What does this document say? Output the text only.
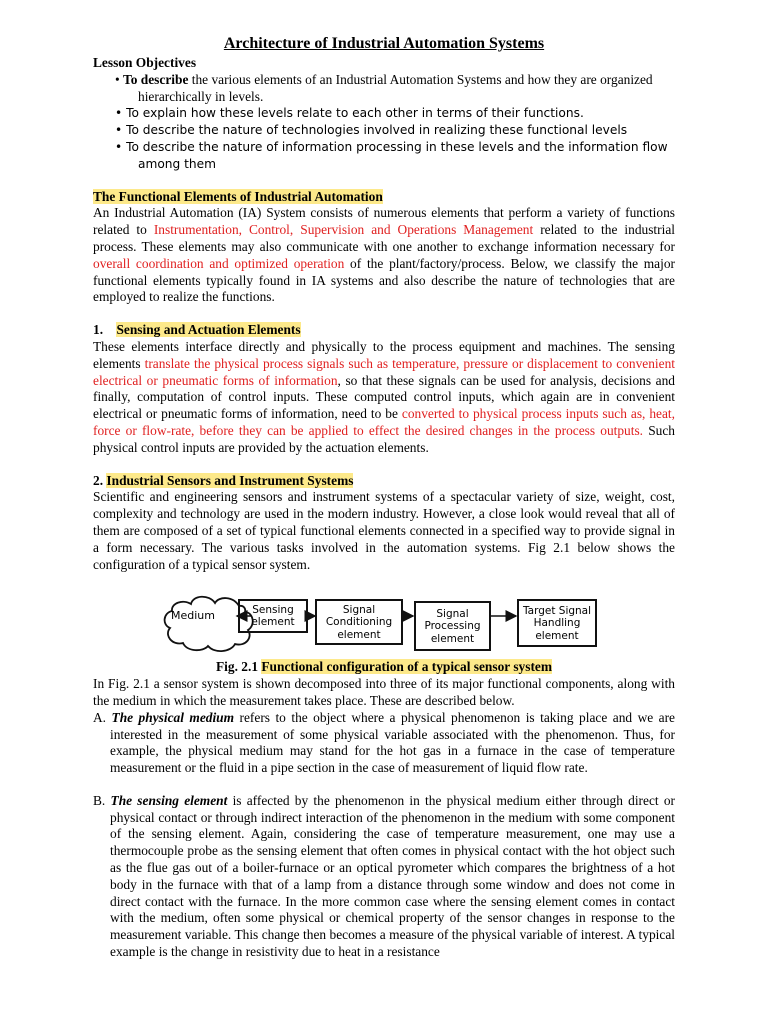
Architecture of Industrial Automation Systems
Lesson Objectives
• To describe the various elements of an Industrial Automation Systems and how they are organized hierarchically in levels.
• To explain how these levels relate to each other in terms of their functions.
• To describe the nature of technologies involved in realizing these functional levels
• To describe the nature of information processing in these levels and the information flow among them
The Functional Elements of Industrial Automation

An Industrial Automation (IA) System consists of numerous elements that perform a variety of functions related to Instrumentation, Control, Supervision and Operations Management related to the industrial process. These elements may also communicate with one another to exchange information necessary for overall coordination and optimized operation of the plant/factory/process. Below, we classify the major functional elements typically found in IA systems and also describe the nature of technologies that are employed to realize the functions.

1. Sensing and Actuation Elements

These elements interface directly and physically to the process equipment and machines. The sensing elements translate the physical process signals such as temperature, pressure or displacement to convenient electrical or pneumatic forms of information, so that these signals can be used for analysis, decisions and finally, computation of control inputs. These computed control inputs, which again are in convenient electrical or pneumatic forms of information, need to be converted to physical process inputs such as, heat, force or flow-rate, before they can be applied to effect the desired changes in the process outputs. Such physical control inputs are provided by the actuation elements.

2. Industrial Sensors and Instrument Systems

Scientific and engineering sensors and instrument systems of a spectacular variety of size, weight, cost, complexity and technology are used in the modern industry. However, a close look would reveal that all of them are composed of a set of typical functional elements connected in a specified way to provide signal in a form necessary. The various tasks involved in the automation systems. Fig 2.1 below shows the configuration of a typical sensor system.

Medium	Sensing
element
Signal
Conditioning
element
Signal
Processing
element
Target Signal
Handling
element
Fig. 2.1 Functional configuration of a typical sensor system

In Fig. 2.1 a sensor system is shown decomposed into three of its major functional components, along with the medium in which the measurement takes place. These are described below.

A. The physical medium refers to the object where a physical phenomenon is taking place and we are interested in the measurement of some physical variable associated with the phenomenon. Thus, for example, the physical medium may stand for the hot gas in a furnace in the case of temperature measurement or the fluid in a pipe section in the case of measurement of liquid flow rate.

B. The sensing element is affected by the phenomenon in the physical medium either through direct or physical contact or through indirect interaction of the phenomenon in the medium with some component of the sensing element. Again, considering the case of temperature measurement, one may use a thermocouple probe as the sensing element that often comes in physical contact with the hot object such as the flue gas out of a boiler-furnace or an optical pyrometer which compares the brightness of a hot body in the furnace with that of a lamp from a distance through some window and does not come in direct contact with the furnace. In the more common case where the sensing element comes in contact with the medium, often some physical or chemical property of the sensor changes in response to the measurement variable. This change then becomes a measure of the physical variable of interest. A typical example is the change in resistivity due to heat in a resistance
